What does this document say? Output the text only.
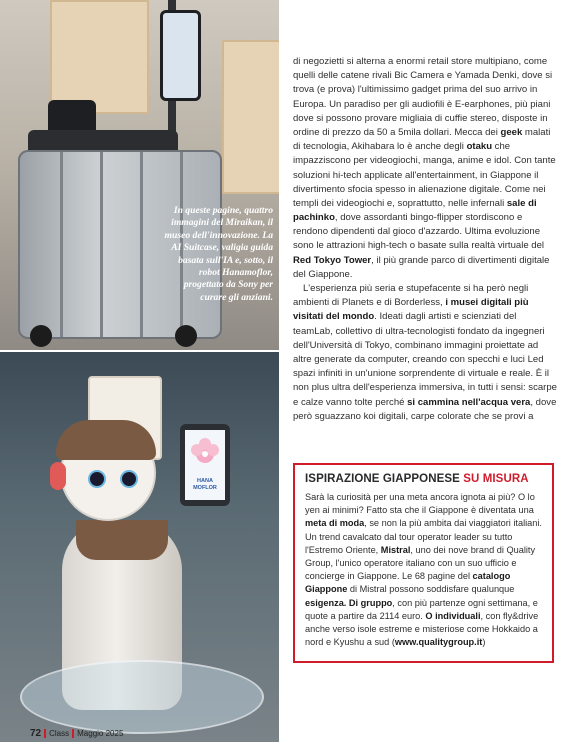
In queste pagine, quattro immagini del Miraikan, il museo dell'innovazione. La AI Suitcase, valigia guida basata sull'IA e, sotto, il robot Hanamoflor, progettato da Sony per curare gli anziani.
HANA MOFLOR
72 Class Maggio 2025

di negozietti si alterna a enormi retail store multipiano, come quelli delle catene rivali Bic Camera e Yamada Denki, dove si trova (e prova) l'ultimissimo gadget prima del suo arrivo in Europa. Un paradiso per gli audiofili è E-earphones, più piani dove si possono provare migliaia di cuffie stereo, disposte in ordine di prezzo da 50 a 5mila dollari. Mecca dei geek malati di tecnologia, Akihabara lo è anche degli otaku che impazziscono per videogiochi, manga, anime e idol. Con tante soluzioni hi-tech applicate all'entertainment, in Giappone il divertimento sfocia spesso in alienazione digitale. Come nei templi dei videogiochi e, soprattutto, nelle infernali sale di pachinko, dove assordanti bingo-flipper stordiscono e rendono dipendenti dal gioco d'azzardo. Ultima evoluzione sono le attrazioni high-tech o basate sulla realtà virtuale del Red Tokyo Tower, il più grande parco di divertimenti digitale del Giappone.

L'esperienza più seria e stupefacente si ha però negli ambienti di Planets e di Borderless, i musei digitali più visitati del mondo. Ideati dagli artisti e scienziati del teamLab, collettivo di ultra-tecnologisti fondato da ingegneri dell'Università di Tokyo, combinano immagini proiettate ad altre generate da computer, creando con specchi e luci Led spazi infiniti in un'unione sorprendente di virtuale e reale. È il non plus ultra dell'esperienza immersiva, in tutti i sensi: scarpe e calze vanno tolte perché si cammina nell'acqua vera, dove però sguazzano koi digitali, carpe colorate che se provi a

ISPIRAZIONE GIAPPONESE SU MISURA

Sarà la curiosità per una meta ancora ignota ai più? O lo yen ai minimi? Fatto sta che il Giappone è diventata una meta di moda, se non la più ambita dai viaggiatori italiani. Un trend cavalcato dal tour operator leader su tutto l'Estremo Oriente, Mistral, uno dei nove brand di Quality Group, l'unico operatore italiano con un suo ufficio e concierge in Giappone. Le 68 pagine del catalogo Giappone di Mistral possono soddisfare qualunque esigenza. Di gruppo, con più partenze ogni settimana, e quote a partire da 2114 euro. O individuali, con fly&drive anche verso isole estreme e misteriose come Hokkaido a nord e Kyushu a sud (www.qualitygroup.it)
